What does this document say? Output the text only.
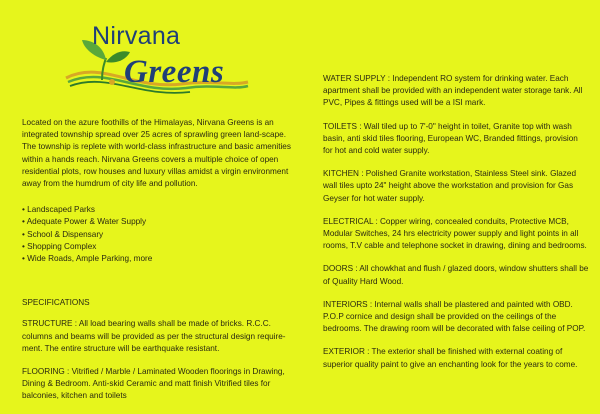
Nirvana
Greens

Located on the azure foothills of the Himalayas, Nirvana Greens is an integrated township spread over 25 acres of sprawling green land-scape. The township is replete with world-class infrastructure and basic amenities within a hands reach. Nirvana Greens covers a multiple choice of open residential plots, row houses and luxury villas amidst a virgin environment away from the humdrum of city life and pollution.

• Landscaped Parks
• Adequate Power & Water Supply
• School & Dispensary
• Shopping Complex
• Wide Roads, Ample Parking, more

SPECIFICATIONS

STRUCTURE : All load bearing walls shall be made of bricks. R.C.C. columns and beams will be provided as per the structural design require-ment. The entire structure will be earthquake resistant.

FLOORING : Vitrified / Marble / Laminated Wooden floorings in Drawing, Dining & Bedroom. Anti-skid Ceramic and matt finish Vitrified tiles for balconies, kitchen and toilets

WATER SUPPLY : Independent RO system for drinking water. Each apartment shall be provided with an independent water storage tank. All PVC, Pipes & fittings used will be a ISI mark.

TOILETS : Wall tiled up to 7'-0" height in toilet, Granite top with wash basin, anti skid tiles flooring, European WC, Branded fittings, provision for hot and cold water supply.

KITCHEN : Polished Granite workstation, Stainless Steel sink. Glazed wall tiles upto 24" height above the workstation and provision for Gas Geyser for hot water supply.

ELECTRICAL : Copper wiring, concealed conduits, Protective MCB, Modular Switches, 24 hrs electricity power supply and light points in all rooms, T.V cable and telephone socket in drawing, dining and bedrooms.

DOORS : All chowkhat and flush / glazed doors, window shutters shall be of Quality Hard Wood.

INTERIORS : Internal walls shall be plastered and painted with OBD. P.O.P cornice and design shall be provided on the ceilings of the bedrooms. The drawing room will be decorated with false ceiling of POP.

EXTERIOR : The exterior shall be finished with external coating of superior quality paint to give an enchanting look for the years to come.
